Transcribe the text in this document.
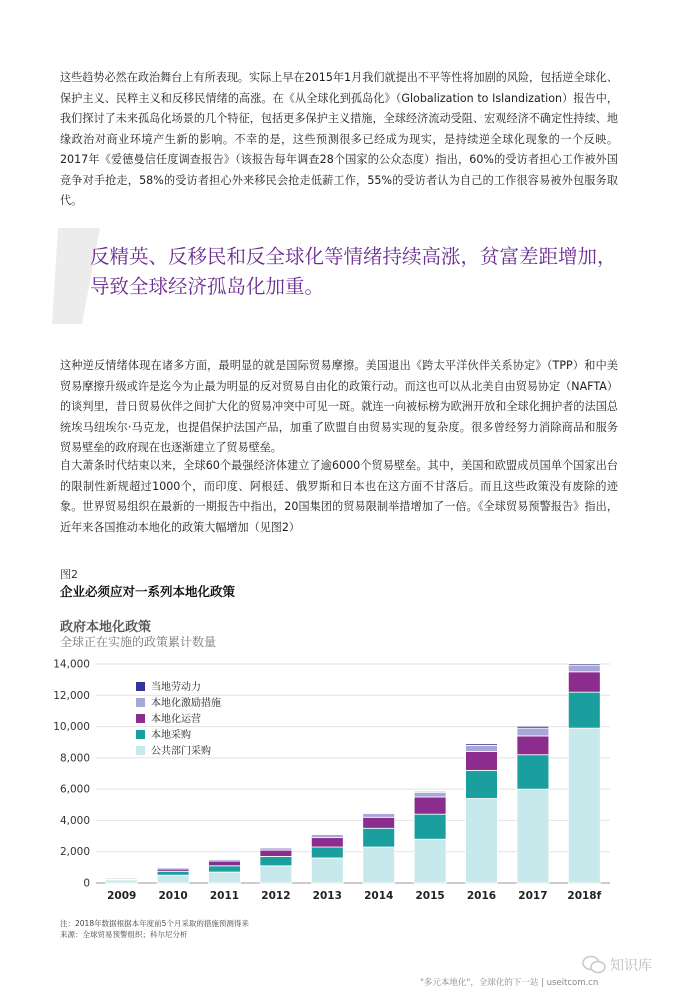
这些趋势必然在政治舞台上有所表现。实际上早在2015年1月我们就提出不平等性将加剧的风险，包括逆全球化、保护主义、民粹主义和反移民情绪的高涨。在《从全球化到孤岛化》（Globalization to Islandization）报告中，我们探讨了未来孤岛化场景的几个特征，包括更多保护主义措施，全球经济流动受阻、宏观经济不确定性持续、地缘政治对商业环境产生新的影响。不幸的是，这些预测很多已经成为现实，是持续逆全球化现象的一个反映。2017年《爱德曼信任度调查报告》（该报告每年调查28个国家的公众态度）指出，60%的受访者担心工作被外国竞争对手抢走，58%的受访者担心外来移民会抢走低薪工作，55%的受访者认为自己的工作很容易被外包服务取代。

反精英、反移民和反全球化等情绪持续高涨，贫富差距增加，导致全球经济孤岛化加重。

这种逆反情绪体现在诸多方面，最明显的就是国际贸易摩擦。美国退出《跨太平洋伙伴关系协定》（TPP）和中美贸易摩擦升级或许是迄今为止最为明显的反对贸易自由化的政策行动。而这也可以从北美自由贸易协定（NAFTA）的谈判里，昔日贸易伙伴之间扩大化的贸易冲突中可见一斑。就连一向被标榜为欧洲开放和全球化拥护者的法国总统埃马纽埃尔·马克龙，也提倡保护法国产品，加重了欧盟自由贸易实现的复杂度。很多曾经努力消除商品和服务贸易壁垒的政府现在也逐渐建立了贸易壁垒。

自大萧条时代结束以来，全球60个最强经济体建立了逾6000个贸易壁垒。其中，美国和欧盟成员国单个国家出台的限制性新规超过1000个，而印度、阿根廷、俄罗斯和日本也在这方面不甘落后。而且这些政策没有废除的迹象。世界贸易组织在最新的一期报告中指出，20国集团的贸易限制举措增加了一倍。《全球贸易预警报告》指出，近年来各国推动本地化的政策大幅增加（见图2）

图2
企业必须应对一系列本地化政策
政府本地化政策
全球正在实施的政策累计数量
0
2,000
4,000
6,000
8,000
10,000
12,000
14,000
2009 2010 2011 2012 2013 2014 2015 2016 2017 2018f
当地劳动力
本地化激励措施
本地化运营
本地采购
公共部门采购
注：2018年数据根据本年度前5个月采取的措施预测得来
来源：全球贸易预警组织；科尔尼分析
知识库
"多元本地化"，全球化的下一站 | useitcom.cn
